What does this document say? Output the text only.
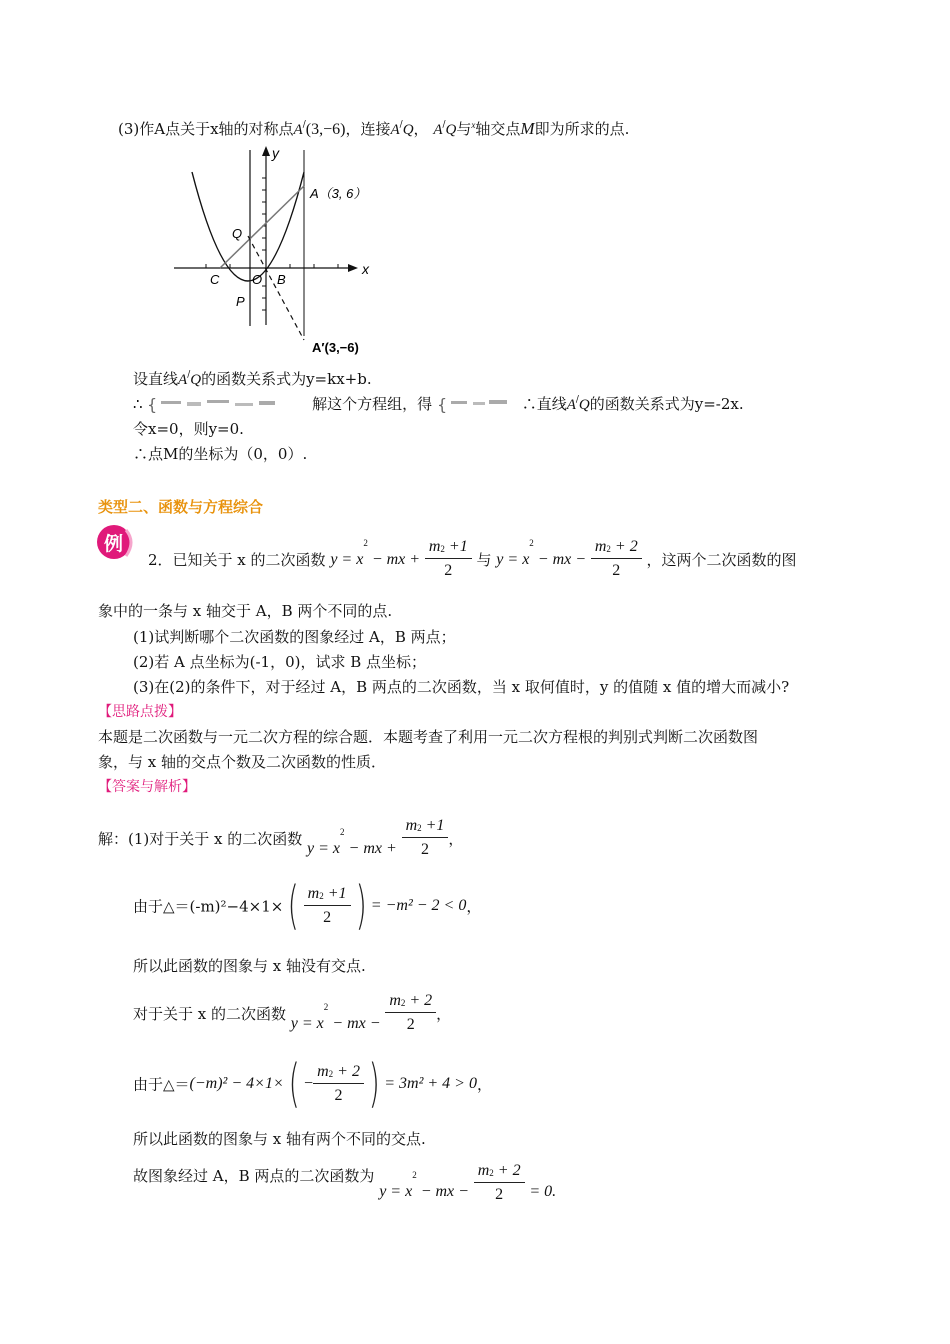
(3)作A点关于x轴的对称点A/(3,−6)，连接A/Q， A/Q与$^x$轴交点M即为所求的点.
y
x
A（3, 6）
Q
C	O B
P
A′(3,−6)
设直线A/Q的函数关系式为y=kx+b.
∴ {	解这个方程组，得 {	∴直线A/Q的函数关系式为y=-2x.
令x=0，则y=0.
∴点M的坐标为（0，0）.
类型二、函数与方程综合
例
2．已知关于 x 的二次函数 $y = x^2$ − mx + $\frac{m^2 +1}{2}$ 与 $y = x^2$ − mx − $\frac{m^2 + 2}{2}$ ，这两个二次函数的图
象中的一条与 x 轴交于 A，B 两个不同的点.
(1)试判断哪个二次函数的图象经过 A，B 两点；
(2)若 A 点坐标为(-1，0)，试求 B 点坐标；
(3)在(2)的条件下，对于经过 A，B 两点的二次函数，当 x 取何值时，y 的值随 x 值的增大而减小?
【思路点拨】
本题是二次函数与一元二次方程的综合题．本题考查了利用一元二次方程根的判别式判断二次函数图
象，与 x 轴的交点个数及二次函数的性质．
【答案与解析】
解：(1)对于关于 x 的二次函数 $y = x^2$ − mx + $\frac{m^2 +1}{2}$ ，
由于△＝(-m)²−4×1×( $\frac{m^2 +1}{2}$ ) = −m² − 2 < 0，
所以此函数的图象与 x 轴没有交点.
对于关于 x 的二次函数 $y = x^2$ − mx − $\frac{m^2 + 2}{2}$ ，
由于△＝(−m)² − $4\times 1\times( - \frac{m^2 + 2}{2}$ ) = 3m² + 4 > 0，
所以此函数的图象与 x 轴有两个不同的交点.
故图象经过 A，B 两点的二次函数为 $y = x^2$ − mx − $\frac{m^2 + 2}{2} = 0$.
